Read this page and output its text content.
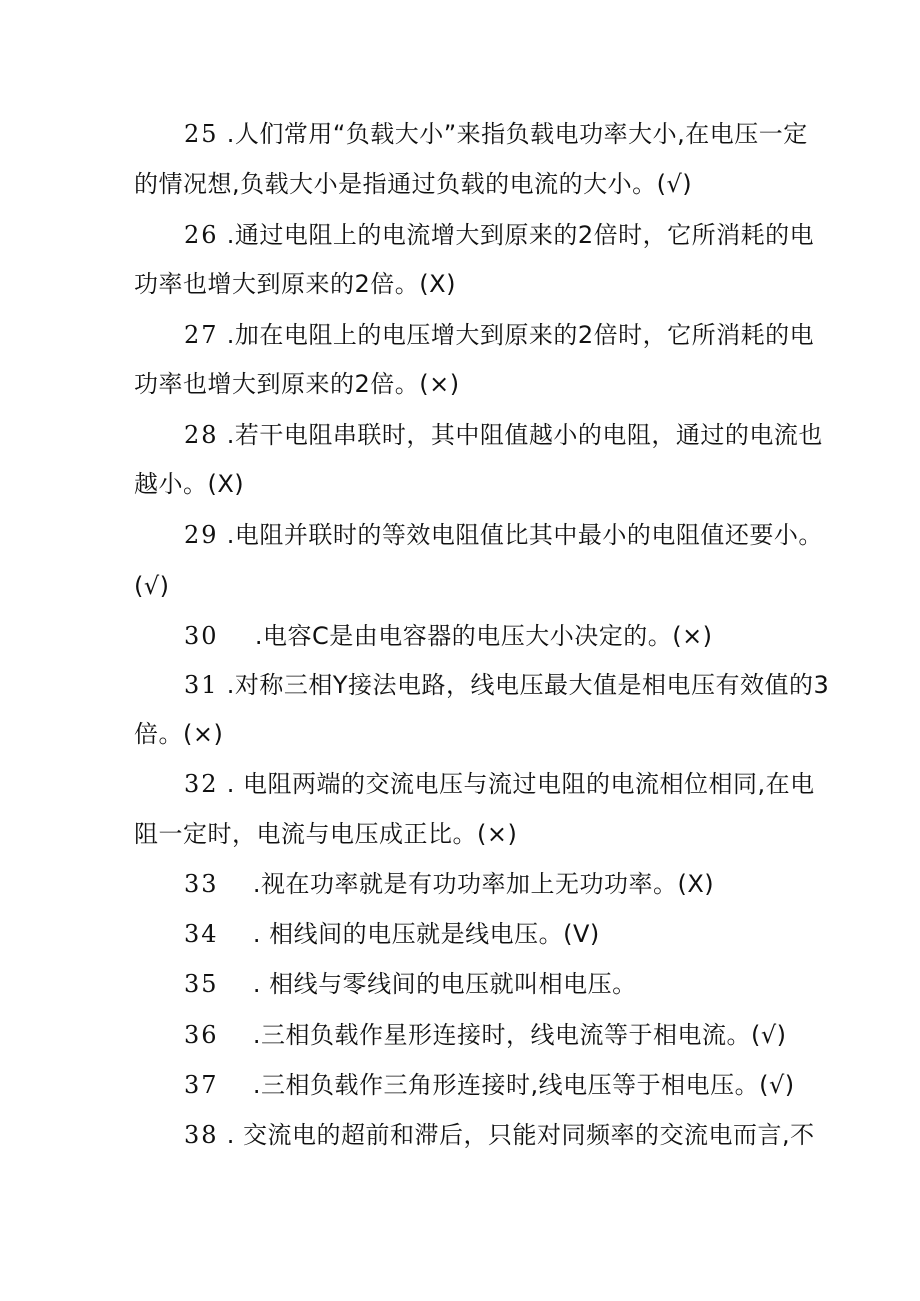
25 .人们常用“负载大小”来指负载电功率大小,在电压一定
的情况想,负载大小是指通过负载的电流的大小。(√)
26 .通过电阻上的电流增大到原来的2倍时，它所消耗的电
功率也增大到原来的2倍。(X)
27 .加在电阻上的电压增大到原来的2倍时，它所消耗的电
功率也增大到原来的2倍。(×)
28 .若干电阻串联时，其中阻值越小的电阻，通过的电流也
越小。(X)
29 .电阻并联时的等效电阻值比其中最小的电阻值还要小。
(√)
30 .电容C是由电容器的电压大小决定的。(×)
31 .对称三相Y接法电路，线电压最大值是相电压有效值的3
倍。(×)
32 . 电阻两端的交流电压与流过电阻的电流相位相同,在电
阻一定时，电流与电压成正比。(×)
33 .视在功率就是有功功率加上无功功率。(X)
34 . 相线间的电压就是线电压。(V)
35 . 相线与零线间的电压就叫相电压。
36 .三相负载作星形连接时，线电流等于相电流。(√)
37 .三相负载作三角形连接时,线电压等于相电压。(√)
38 . 交流电的超前和滞后，只能对同频率的交流电而言,不
